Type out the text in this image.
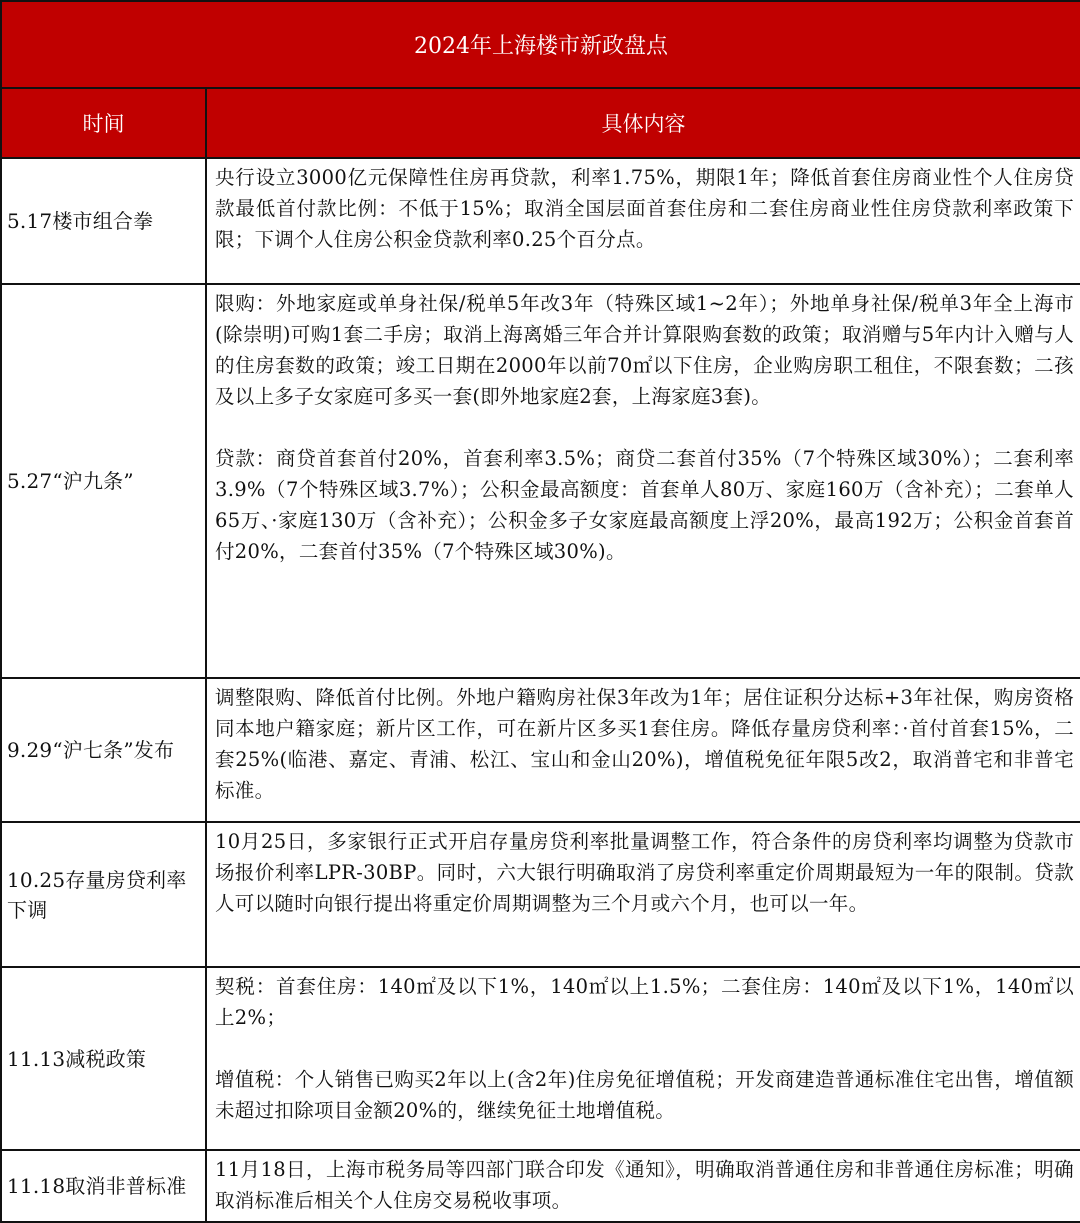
2024年上海楼市新政盘点	
时间	具体内容
5.17楼市组合拳	央行设立3000亿元保障性住房再贷款，利率1.75%，期限1年；降低首套住房商业性个人住房贷款最低首付款比例：不低于15%；取消全国层面首套住房和二套住房商业性住房贷款利率政策下限；下调个人住房公积金贷款利率0.25个百分点。

5.27“沪九条”	限购：外地家庭或单身社保/税单5年改3年（特殊区域1~2年）；外地单身社保/税单3年全上海市(除崇明)可购1套二手房；取消上海离婚三年合并计算限购套数的政策；取消赠与5年内计入赠与人的住房套数的政策；竣工日期在2000年以前70㎡以下住房，企业购房职工租住，不限套数；二孩及以上多子女家庭可多买一套(即外地家庭2套，上海家庭3套)。
贷款：商贷首套首付20%，首套利率3.5%；商贷二套首付35%（7个特殊区域30%）；二套利率3.9%（7个特殊区域3.7%）；公积金最高额度：首套单人80万、家庭160万（含补充）；二套单人65万、·家庭130万（含补充）；公积金多子女家庭最高额度上浮20%，最高192万；公积金首套首付20%，二套首付35%（7个特殊区域30%)。

9.29“沪七条”发布	调整限购、降低首付比例。外地户籍购房社保3年改为1年；居住证积分达标+3年社保，购房资格同本地户籍家庭；新片区工作，可在新片区多买1套住房。降低存量房贷利率：·首付首套15%，二套25%(临港、嘉定、青浦、松江、宝山和金山20%)，增值税免征年限5改2，取消普宅和非普宅标准。

10.25存量房贷利率下调	10月25日，多家银行正式开启存量房贷利率批量调整工作，符合条件的房贷利率均调整为贷款市场报价利率LPR-30BP。同时，六大银行明确取消了房贷利率重定价周期最短为一年的限制。贷款人可以随时向银行提出将重定价周期调整为三个月或六个月，也可以一年。

11.13减税政策	契税：首套住房：140㎡及以下1%，140㎡以上1.5%；二套住房：140㎡及以下1%，140㎡以上2%；
增值税：个人销售已购买2年以上(含2年)住房免征增值税；开发商建造普通标准住宅出售，增值额未超过扣除项目金额20%的，继续免征土地增值税。

11.18取消非普标准	11月18日，上海市税务局等四部门联合印发《通知》，明确取消普通住房和非普通住房标准；明确取消标准后相关个人住房交易税收事项。
